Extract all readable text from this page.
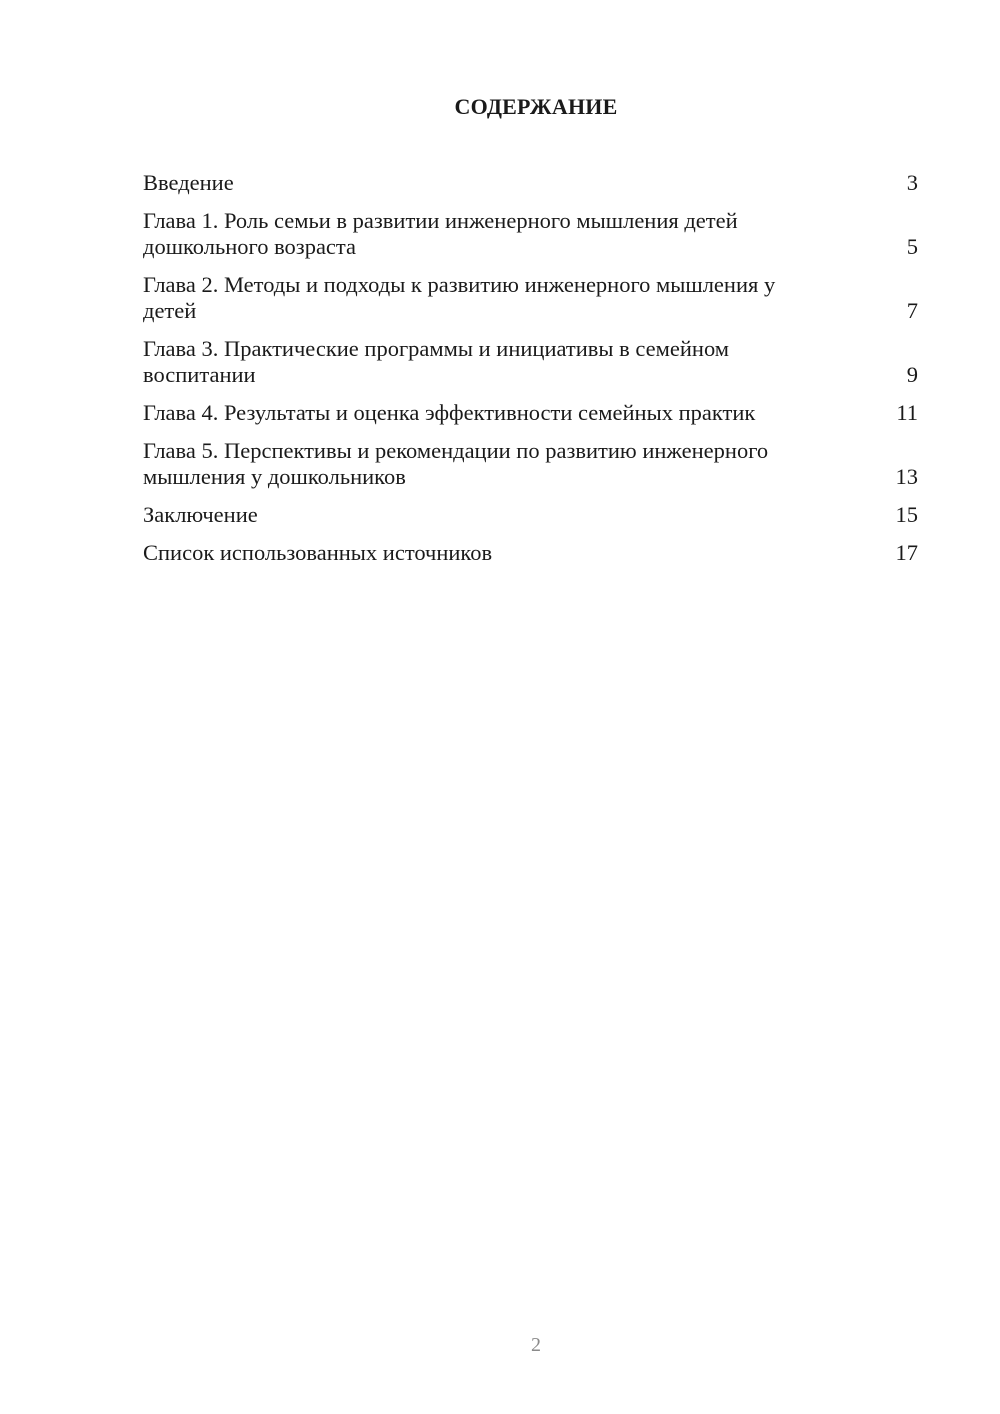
СОДЕРЖАНИЕ
Введение	3
Глава 1. Роль семьи в развитии инженерного мышления детей дошкольного возраста	5
Глава 2. Методы и подходы к развитию инженерного мышления у детей	7
Глава 3. Практические программы и инициативы в семейном воспитании	9
Глава 4. Результаты и оценка эффективности семейных практик	11
Глава 5. Перспективы и рекомендации по развитию инженерного мышления у дошкольников	13
Заключение	15
Список использованных источников	17
2
